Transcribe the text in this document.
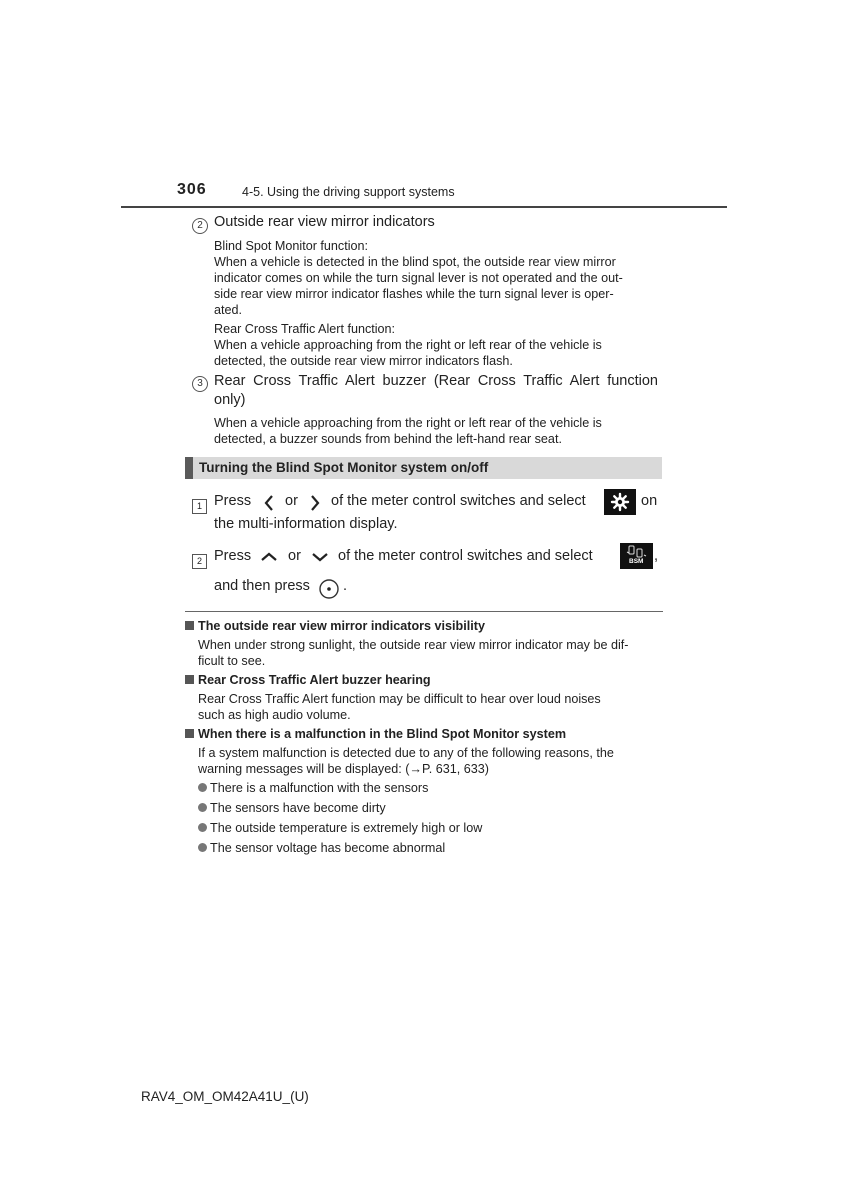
306	4-5. Using the driving support systems
2 Outside rear view mirror indicators
Blind Spot Monitor function:
When a vehicle is detected in the blind spot, the outside rear view mirror
indicator comes on while the turn signal lever is not operated and the out-
side rear view mirror indicator flashes while the turn signal lever is oper-
ated.
Rear Cross Traffic Alert function:
When a vehicle approaching from the right or left rear of the vehicle is
detected, the outside rear view mirror indicators flash.
3 Rear Cross Traffic Alert buzzer (Rear Cross Traffic Alert function
only)
When a vehicle approaching from the right or left rear of the vehicle is
detected, a buzzer sounds from behind the left-hand rear seat.
Turning the Blind Spot Monitor system on/off
1 Press or of the meter control switches and select	on
the multi-information display.
2 Press	or	of the meter control switches and select	BSM ,
and then press .
The outside rear view mirror indicators visibility
When under strong sunlight, the outside rear view mirror indicator may be dif-
ficult to see.
Rear Cross Traffic Alert buzzer hearing
Rear Cross Traffic Alert function may be difficult to hear over loud noises
such as high audio volume.
When there is a malfunction in the Blind Spot Monitor system
If a system malfunction is detected due to any of the following reasons, the
warning messages will be displayed: (→P. 631, 633)
There is a malfunction with the sensors
The sensors have become dirty
The outside temperature is extremely high or low
The sensor voltage has become abnormal
RAV4_OM_OM42A41U_(U)
